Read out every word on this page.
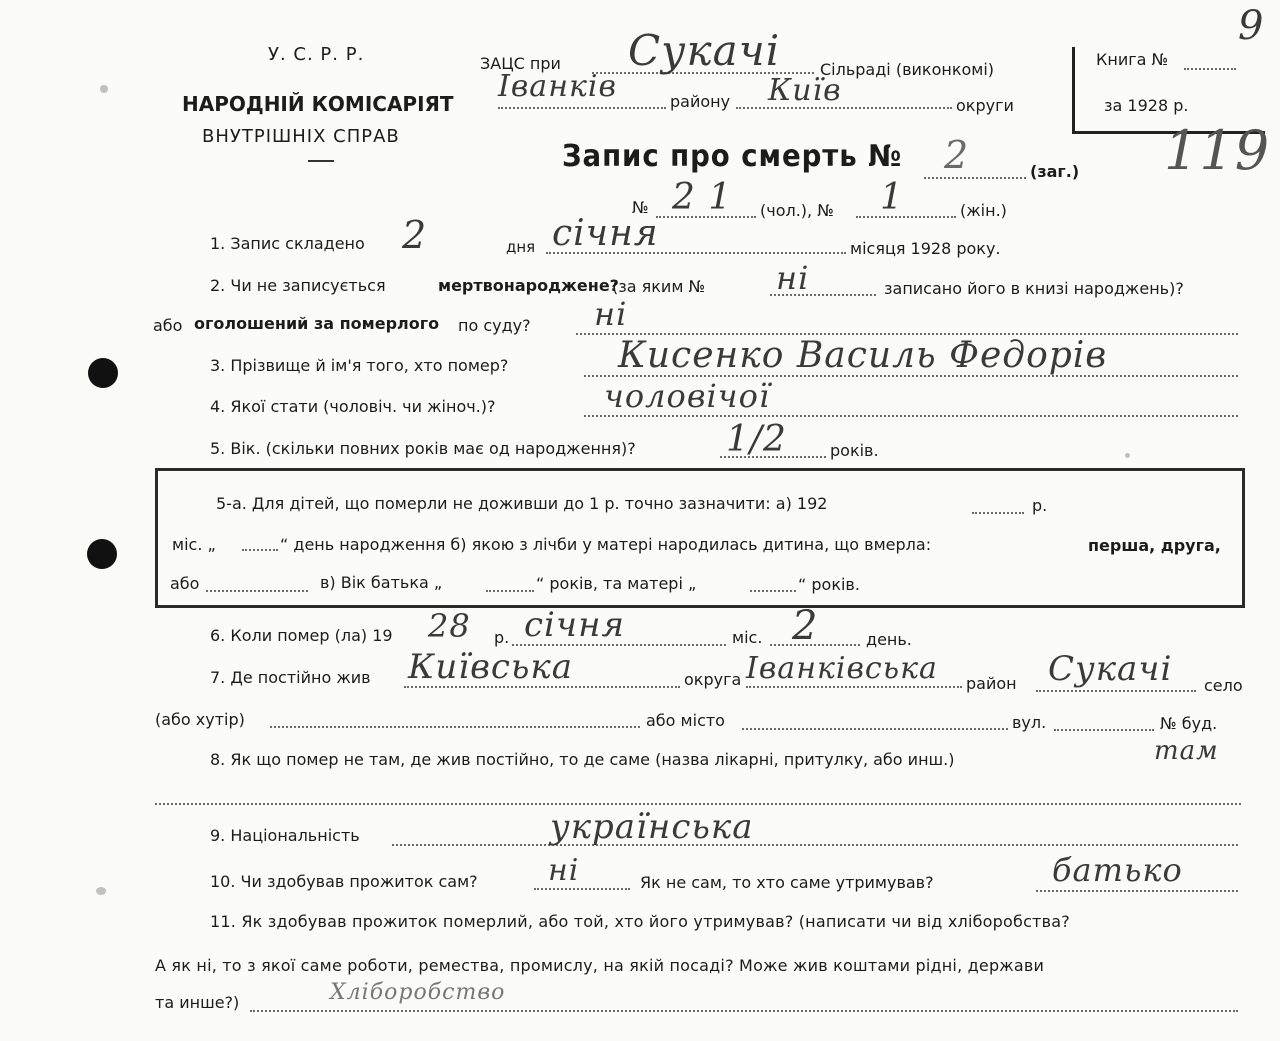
У. С. Р. Р.
НАРОДНІЙ КОМІСАРІЯТ
ВНУТРІШНІХ СПРАВ
ЗАЦС при Сукачі Сільраді (виконкомі)
Іванків	району Київ	округи
Книга №
9
за 1928 р.
Запис про смерть № 2	(заг.) 119
№ 2 1 (чол.), № 1	(жін.)
1. Запис складено 2	дня січня	місяця 1928 року.
2. Чи не записується	мертвонароджене?
(за яким № ні	записано його в книзі народжень)?
або оголошений за померлого по суду? ні
3. Прізвище й ім'я того, хто помер?	Кисенко Василь Федорів
4. Якої стати (чоловіч. чи жіноч.)?	чоловічої
5. Вік. (скільки повних років має од народження)?	1/2	років.
5-а. Для дітей, що померли не доживши до 1 р. точно зазначити: а) 192	р.
міс. „	“ день народження б) якою з лічби у матері народилась дитина, що вмерла:	перша, друга,
або	в) Вік батька „	“ років, та матері „	“ років.
6. Коли помер (ла) 19 28 р. січня	міс. 2	день.
7. Де постійно жив Київська	округа Іванківська район Сукачі село
(або хутір)	або місто	вул.	№ буд.
8. Як що помер не там, де жив постійно, то де саме (назва лікарні, притулку, або инш.)	там
9. Національність	українська
10. Чи здобував прожиток сам? ні	Як не сам, то хто саме утримував?	батько
11. Як здобував прожиток померлий, або той, хто його утримував? (написати чи від хліборобства?
А як ні, то з якої саме роботи, ремества, промислу, на якій посаді? Може жив коштами рідні, держави
та инше?)	Хліборобство
